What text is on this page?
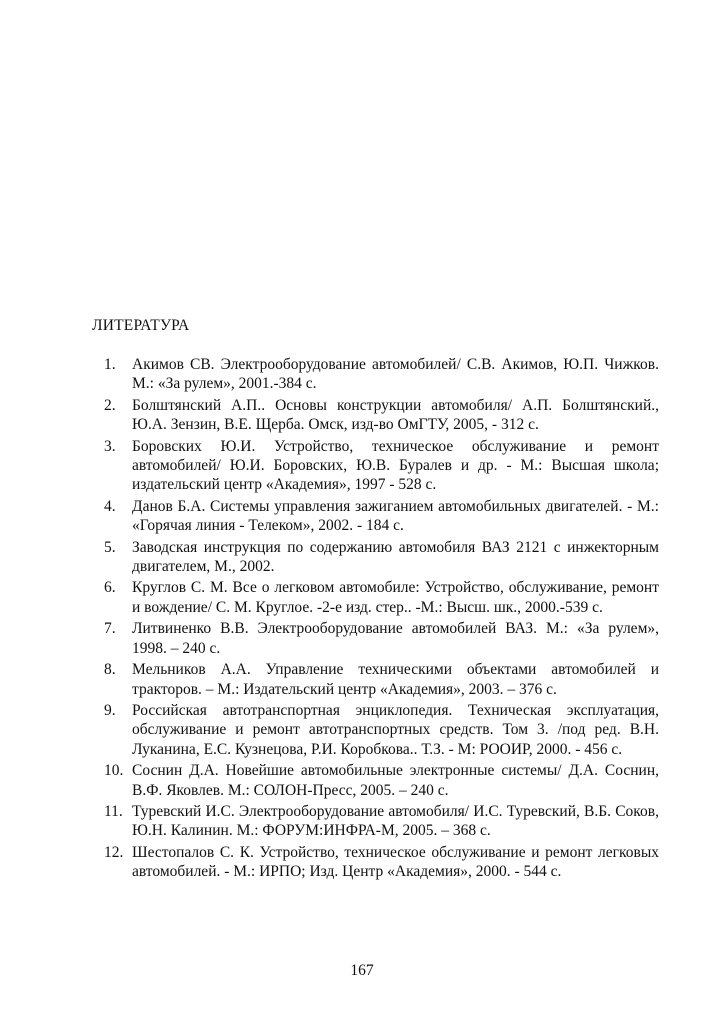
ЛИТЕРАТУРА
1.	Акимов СВ. Электрооборудование автомобилей/ С.В. Акимов, Ю.П. Чижков. М.: «За рулем», 2001.-384 с.
2.	Болштянский А.П.. Основы конструкции автомобиля/ А.П. Болштянский., Ю.А. Зензин, В.Е. Щерба. Омск, изд-во ОмГТУ, 2005, - 312 с.
3.	Боровских Ю.И. Устройство, техническое обслуживание и ремонт автомобилей/ Ю.И. Боровских, Ю.В. Буралев и др. - М.: Высшая школа; издательский центр «Академия», 1997 - 528 с.
4.	Данов Б.А. Системы управления зажиганием автомобильных двигателей. - М.: «Горячая линия - Телеком», 2002. - 184 с.
5.	Заводская инструкция по содержанию автомобиля ВАЗ 2121 с инжекторным двигателем, М., 2002.
6.	Круглов С. М. Все о легковом автомобиле: Устройство, обслуживание, ремонт и вождение/ С. М. Круглое. -2-е изд. стер.. -М.: Высш. шк., 2000.-539 с.
7.	Литвиненко В.В. Электрооборудование автомобилей ВАЗ. М.: «За рулем», 1998. – 240 с.
8.	Мельников А.А. Управление техническими объектами автомобилей и тракторов. – М.: Издательский центр «Академия», 2003. – 376 с.
9.	Российская автотранспортная энциклопедия. Техническая эксплуатация, обслуживание и ремонт автотранспортных средств. Том 3. /под ред. В.Н. Луканина, Е.С. Кузнецова, Р.И. Коробкова.. Т.З. - М: РООИР, 2000. - 456 с.
10. Соснин Д.А. Новейшие автомобильные электронные системы/ Д.А. Соснин, В.Ф. Яковлев. М.: СОЛОН-Пресс, 2005. – 240 с.
11. Туревский И.С. Электрооборудование автомобиля/ И.С. Туревский, В.Б. Соков, Ю.Н. Калинин. М.: ФОРУМ:ИНФРА-М, 2005. – 368 с.
12. Шестопалов С. К. Устройство, техническое обслуживание и ремонт легковых автомобилей. - М.: ИРПО; Изд. Центр «Академия», 2000. - 544 с.
167
